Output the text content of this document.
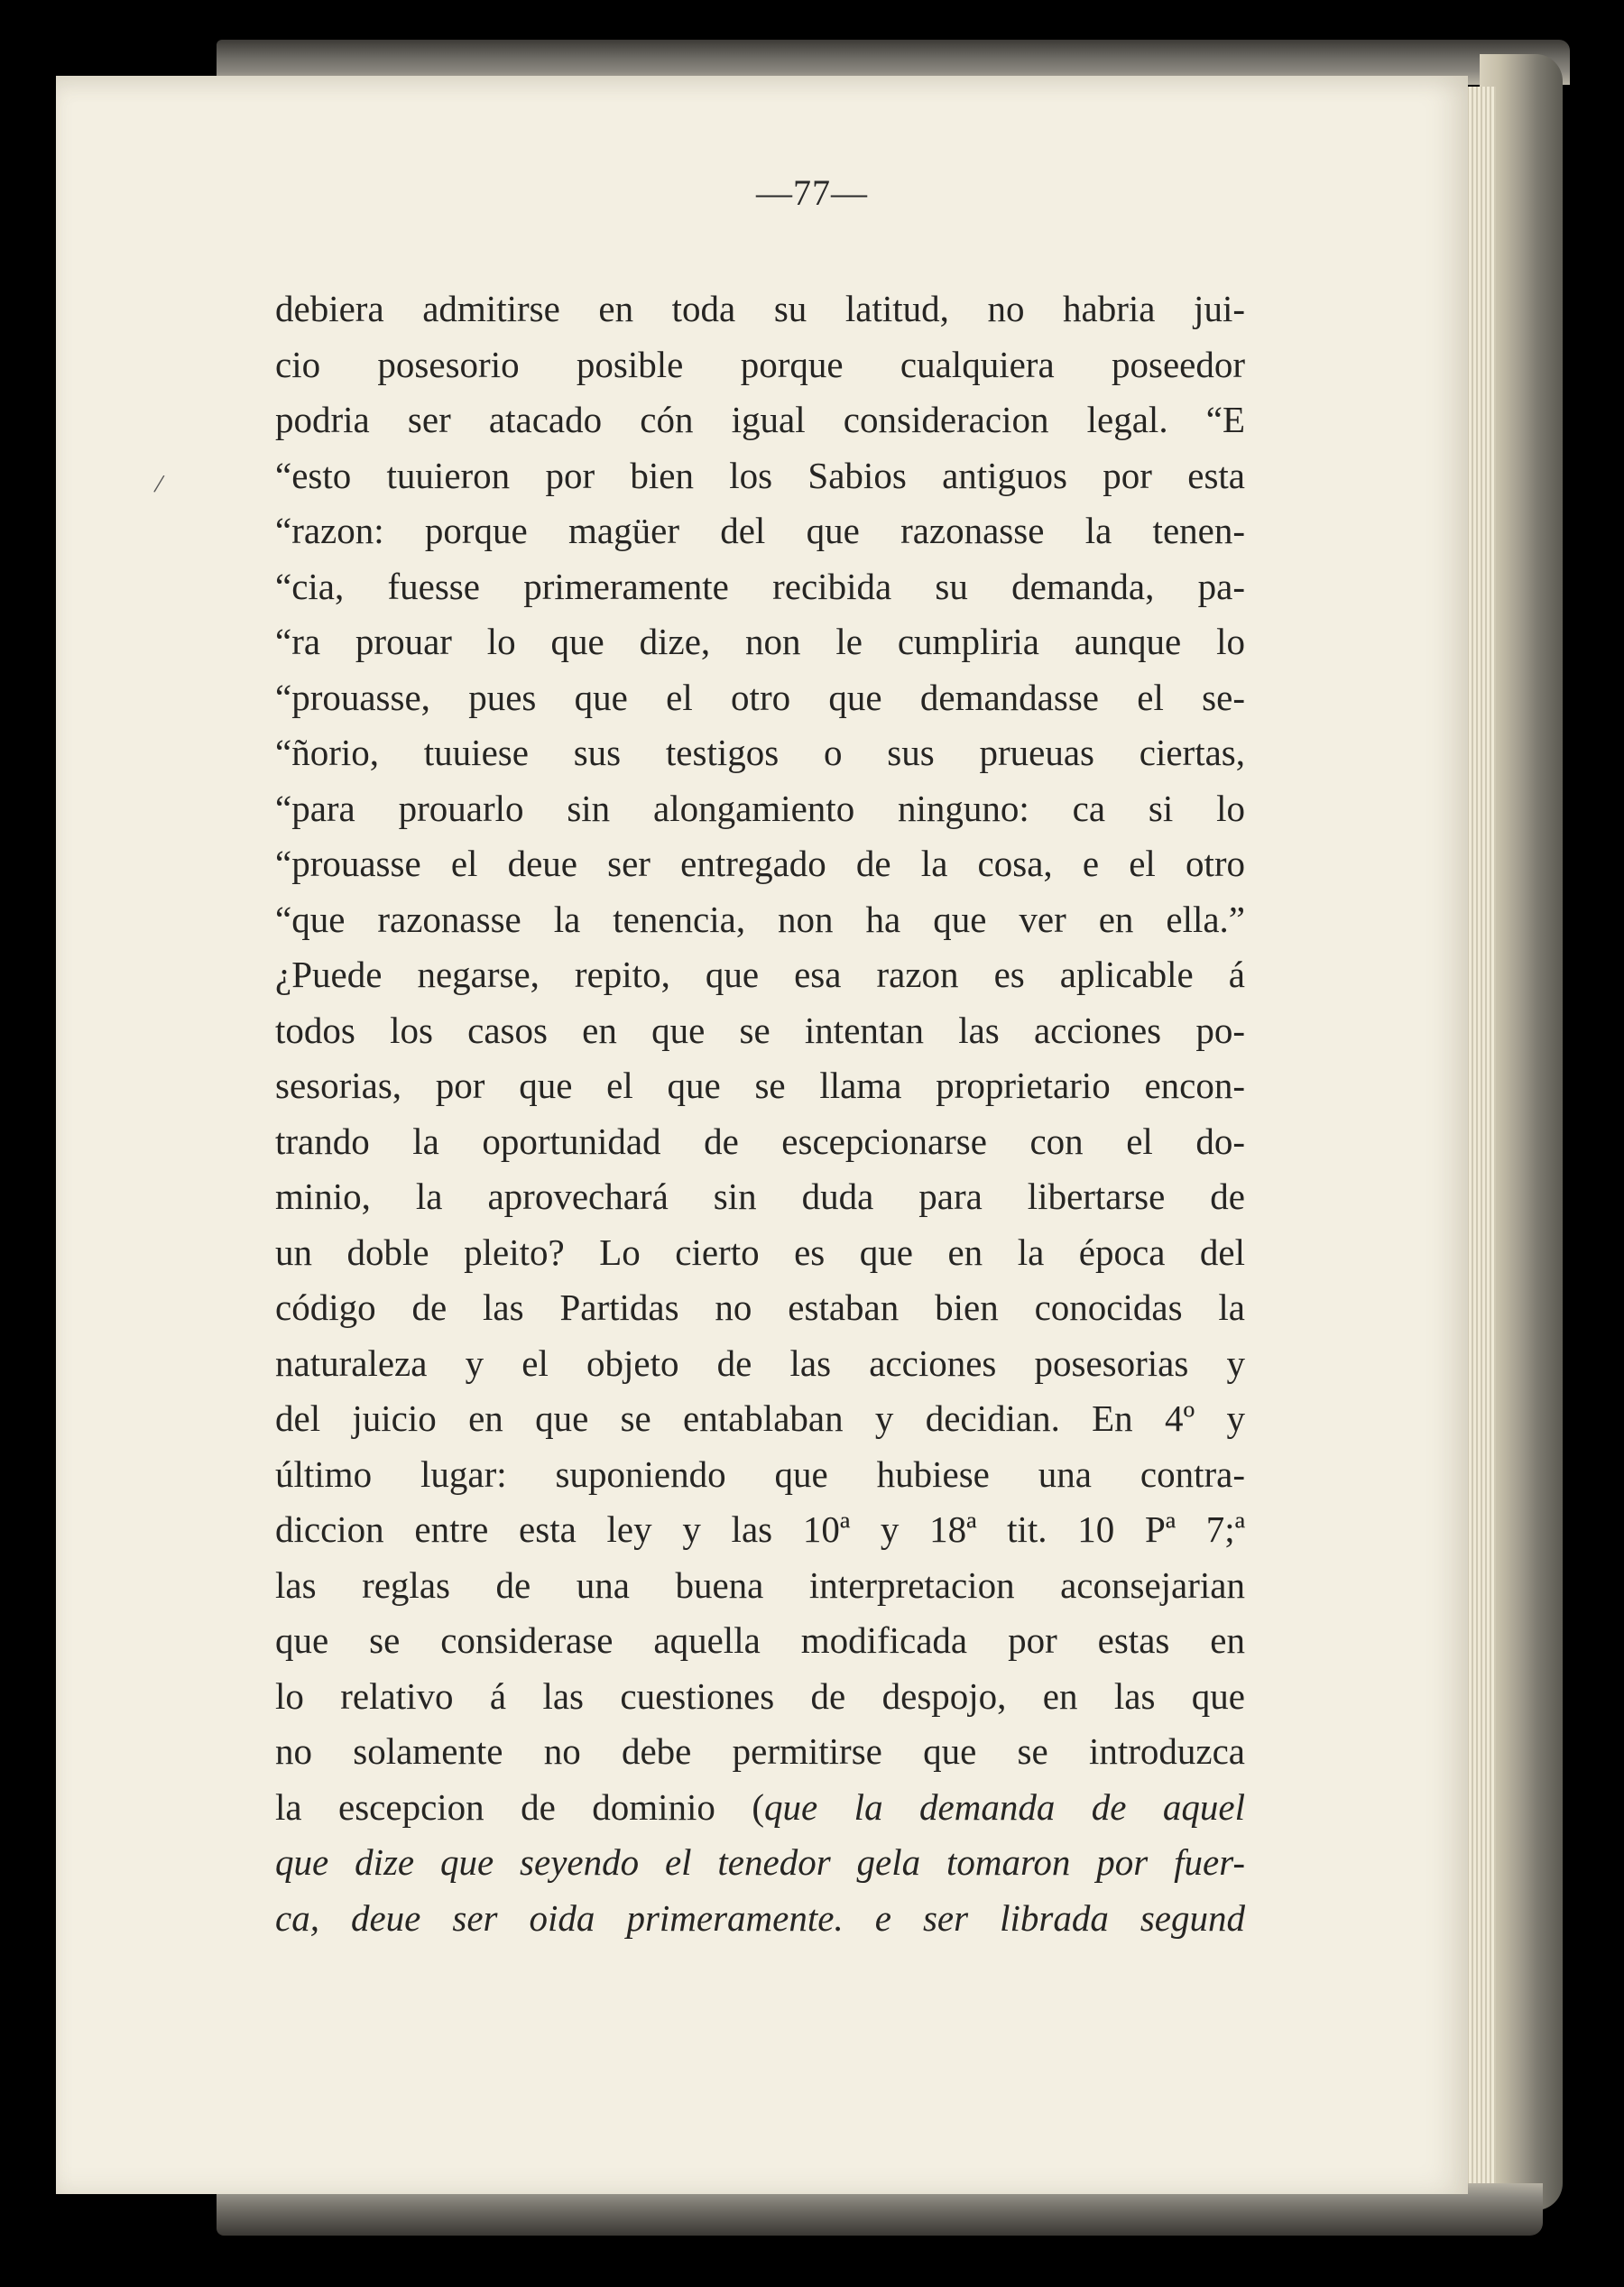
/
—77—
debiera admitirse en toda su latitud, no habria jui-
cio posesorio posible porque cualquiera poseedor
podria ser atacado cón igual consideracion legal. “E
“esto tuuieron por bien los Sabios antiguos por esta
“razon: porque magüer del que razonasse la tenen-
“cia, fuesse primeramente recibida su demanda, pa-
“ra prouar lo que dize, non le cumpliria aunque lo
“prouasse, pues que el otro que demandasse el se-
“ñorio, tuuiese sus testigos o sus prueuas ciertas,
“para prouarlo sin alongamiento ninguno: ca si lo
“prouasse el deue ser entregado de la cosa, e el otro
“que razonasse la tenencia, non ha que ver en ella.”
¿Puede negarse, repito, que esa razon es aplicable á
todos los casos en que se intentan las acciones po-
sesorias, por que el que se llama proprietario encon-
trando la oportunidad de escepcionarse con el do-
minio, la aprovechará sin duda para libertarse de
un doble pleito? Lo cierto es que en la época del
código de las Partidas no estaban bien conocidas la
naturaleza y el objeto de las acciones posesorias y
del juicio en que se entablaban y decidian. En 4º y
último lugar: suponiendo que hubiese una contra-
diccion entre esta ley y las 10ª y 18ª tit. 10 Pª 7;ª
las reglas de una buena interpretacion aconsejarian
que se considerase aquella modificada por estas en
lo relativo á las cuestiones de despojo, en las que
no solamente no debe permitirse que se introduzca
la escepcion de dominio (que la demanda de aquel
que dize que seyendo el tenedor gela tomaron por fuer-
ca, deue ser oida primeramente. e ser librada segund
